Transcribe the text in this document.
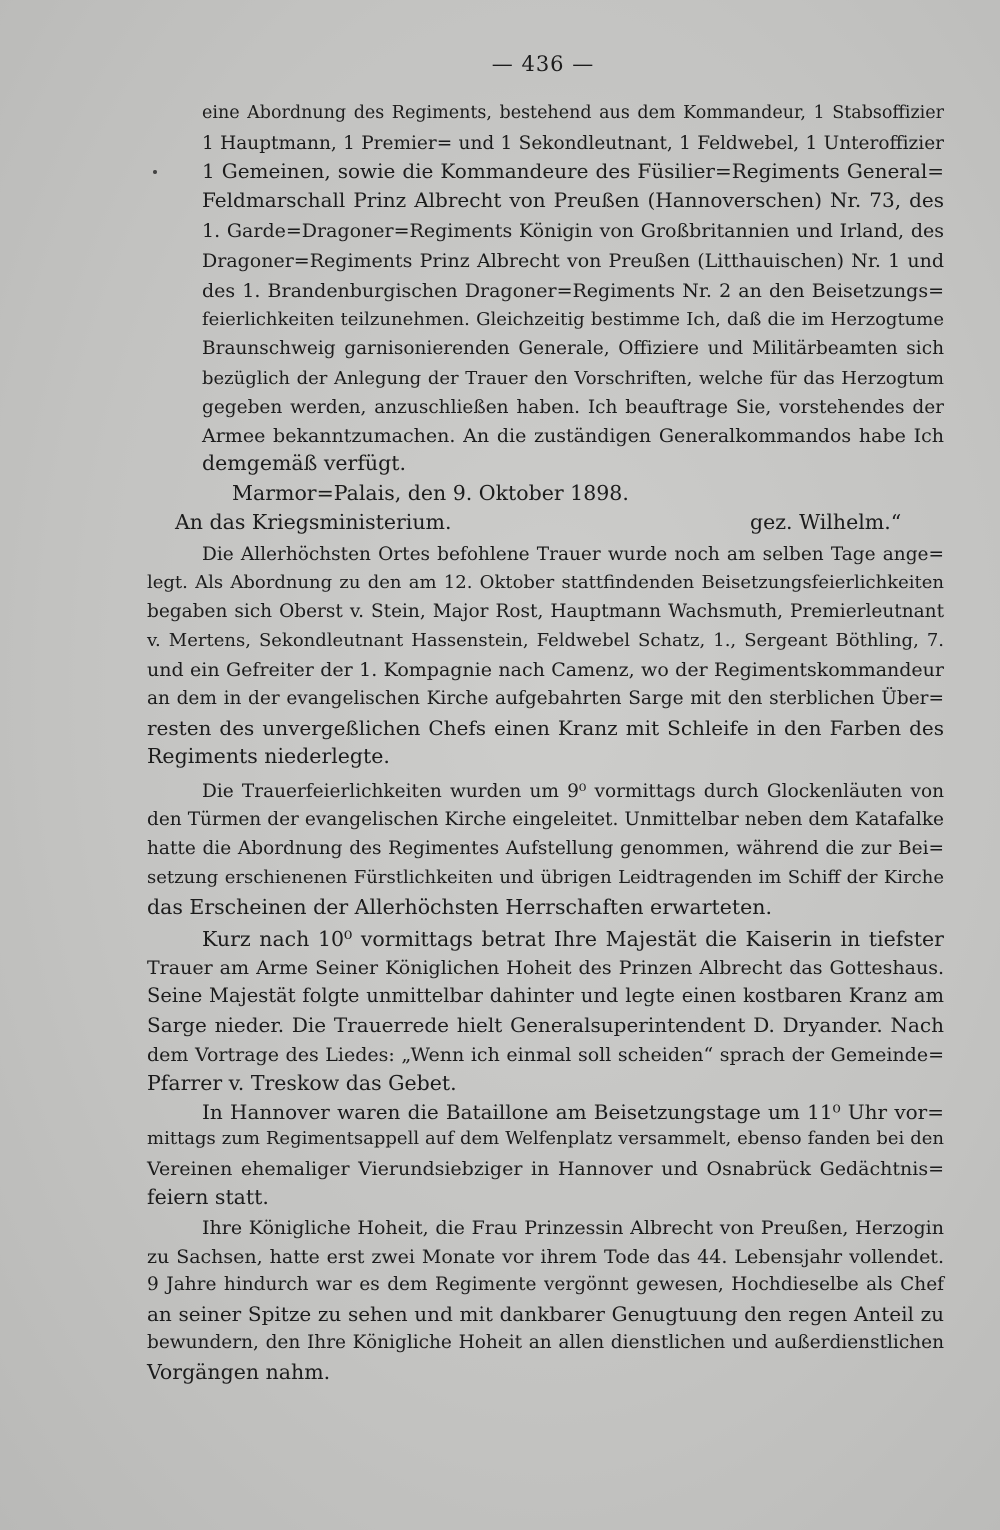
— 436 —
eine Abordnung des Regiments, bestehend aus dem Kommandeur, 1 Stabsoffizier
1 Hauptmann, 1 Premier= und 1 Sekondleutnant, 1 Feldwebel, 1 Unteroffizier
1 Gemeinen, sowie die Kommandeure des Füsilier=Regiments General=
Feldmarschall Prinz Albrecht von Preußen (Hannoverschen) Nr. 73, des
1. Garde=Dragoner=Regiments Königin von Großbritannien und Irland, des
Dragoner=Regiments Prinz Albrecht von Preußen (Litthauischen) Nr. 1 und
des 1. Brandenburgischen Dragoner=Regiments Nr. 2 an den Beisetzungs=
feierlichkeiten teilzunehmen. Gleichzeitig bestimme Ich, daß die im Herzogtume
Braunschweig garnisonierenden Generale, Offiziere und Militärbeamten sich
bezüglich der Anlegung der Trauer den Vorschriften, welche für das Herzogtum
gegeben werden, anzuschließen haben. Ich beauftrage Sie, vorstehendes der
Armee bekanntzumachen. An die zuständigen Generalkommandos habe Ich
demgemäß verfügt.
Marmor=Palais, den 9. Oktober 1898.
An das Kriegsministerium.	gez. Wilhelm.“
Die Allerhöchsten Ortes befohlene Trauer wurde noch am selben Tage ange=
legt. Als Abordnung zu den am 12. Oktober stattfindenden Beisetzungsfeierlichkeiten
begaben sich Oberst v. Stein, Major Rost, Hauptmann Wachsmuth, Premierleutnant
v. Mertens, Sekondleutnant Hassenstein, Feldwebel Schatz, 1., Sergeant Böthling, 7.
und ein Gefreiter der 1. Kompagnie nach Camenz, wo der Regimentskommandeur
an dem in der evangelischen Kirche aufgebahrten Sarge mit den sterblichen Über=
resten des unvergeßlichen Chefs einen Kranz mit Schleife in den Farben des
Regiments niederlegte.
Die Trauerfeierlichkeiten wurden um 9⁰ vormittags durch Glockenläuten von
den Türmen der evangelischen Kirche eingeleitet. Unmittelbar neben dem Katafalke
hatte die Abordnung des Regimentes Aufstellung genommen, während die zur Bei=
setzung erschienenen Fürstlichkeiten und übrigen Leidtragenden im Schiff der Kirche
das Erscheinen der Allerhöchsten Herrschaften erwarteten.
Kurz nach 10⁰ vormittags betrat Ihre Majestät die Kaiserin in tiefster
Trauer am Arme Seiner Königlichen Hoheit des Prinzen Albrecht das Gotteshaus.
Seine Majestät folgte unmittelbar dahinter und legte einen kostbaren Kranz am
Sarge nieder. Die Trauerrede hielt Generalsuperintendent D. Dryander. Nach
dem Vortrage des Liedes: „Wenn ich einmal soll scheiden“ sprach der Gemeinde=
Pfarrer v. Treskow das Gebet.
In Hannover waren die Bataillone am Beisetzungstage um 11⁰ Uhr vor=
mittags zum Regimentsappell auf dem Welfenplatz versammelt, ebenso fanden bei den
Vereinen ehemaliger Vierundsiebziger in Hannover und Osnabrück Gedächtnis=
feiern statt.
Ihre Königliche Hoheit, die Frau Prinzessin Albrecht von Preußen, Herzogin
zu Sachsen, hatte erst zwei Monate vor ihrem Tode das 44. Lebensjahr vollendet.
9 Jahre hindurch war es dem Regimente vergönnt gewesen, Hochdieselbe als Chef
an seiner Spitze zu sehen und mit dankbarer Genugtuung den regen Anteil zu
bewundern, den Ihre Königliche Hoheit an allen dienstlichen und außerdienstlichen
Vorgängen nahm.
